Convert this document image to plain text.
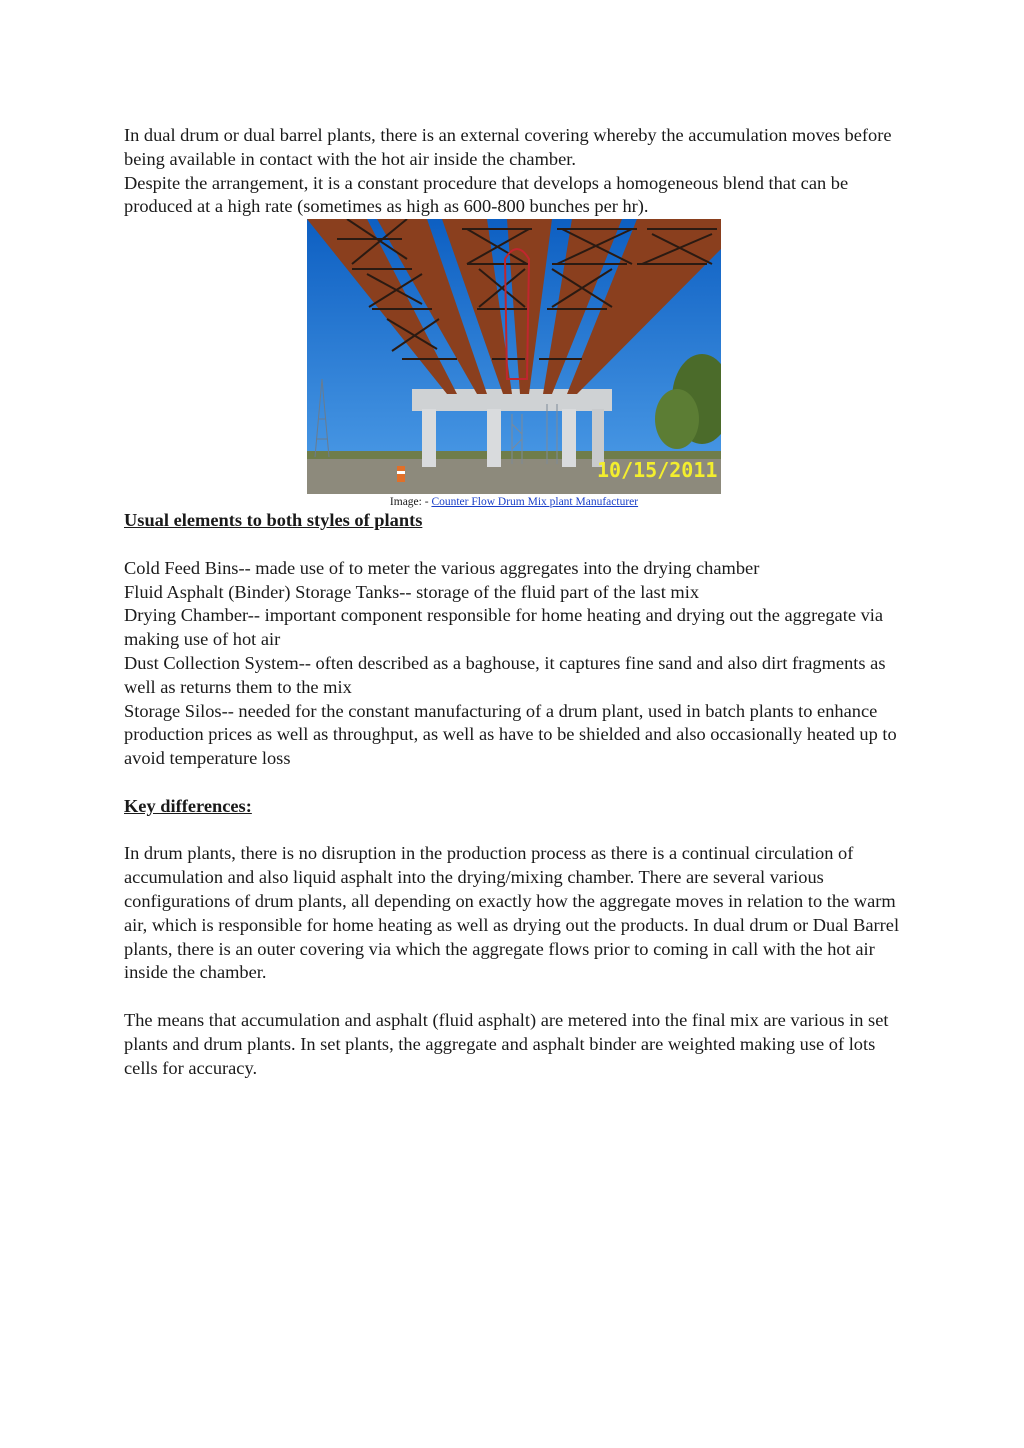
In dual drum or dual barrel plants, there is an external covering whereby the accumulation moves before being available in contact with the hot air inside the chamber.

Despite the arrangement, it is a constant procedure that develops a homogeneous blend that can be produced at a high rate (sometimes as high as 600-800 bunches per hr).

10/15/2011
Image: - Counter Flow Drum Mix plant Manufacturer

Usual elements to both styles of plants

Cold Feed Bins-- made use of to meter the various aggregates into the drying chamber

Fluid Asphalt (Binder) Storage Tanks-- storage of the fluid part of the last mix

Drying Chamber-- important component responsible for home heating and drying out the aggregate via making use of hot air

Dust Collection System-- often described as a baghouse, it captures fine sand and also dirt fragments as well as returns them to the mix

Storage Silos-- needed for the constant manufacturing of a drum plant, used in batch plants to enhance production prices as well as throughput, as well as have to be shielded and also occasionally heated up to avoid temperature loss

Key differences:

In drum plants, there is no disruption in the production process as there is a continual circulation of accumulation and also liquid asphalt into the drying/mixing chamber. There are several various configurations of drum plants, all depending on exactly how the aggregate moves in relation to the warm air, which is responsible for home heating as well as drying out the products. In dual drum or Dual Barrel plants, there is an outer covering via which the aggregate flows prior to coming in call with the hot air inside the chamber.

The means that accumulation and asphalt (fluid asphalt) are metered into the final mix are various in set plants and drum plants. In set plants, the aggregate and asphalt binder are weighted making use of lots cells for accuracy.
